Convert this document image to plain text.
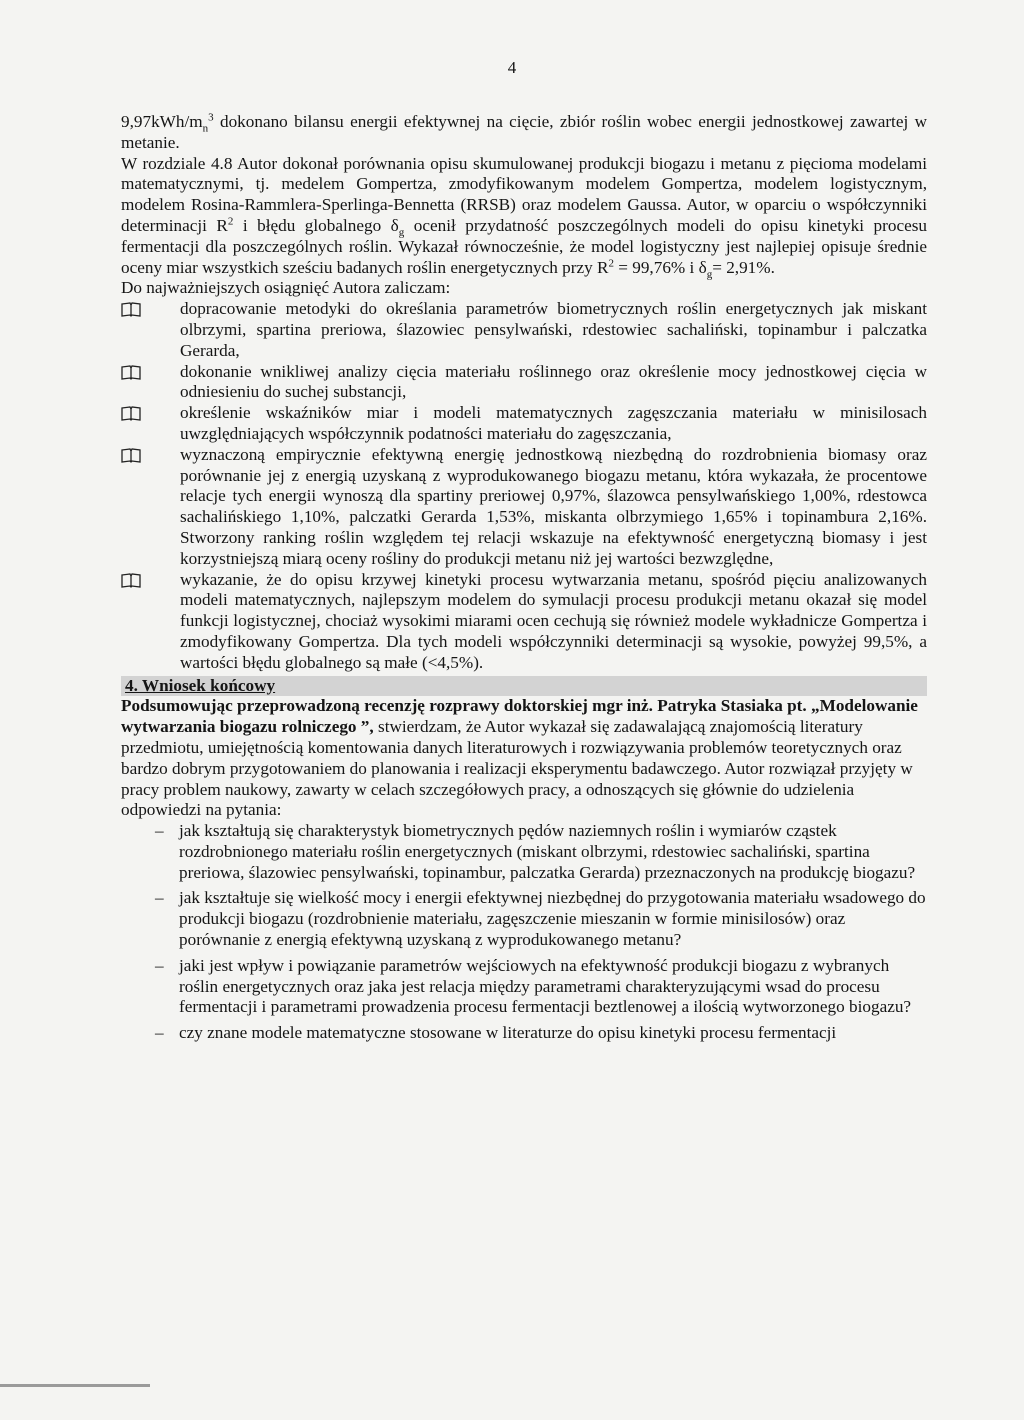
4

$9,97kWh/m_n^3$ dokonano bilansu energii efektywnej na cięcie, zbiór roślin wobec energii jednostkowej zawartej w metanie.

W rozdziale 4.8 Autor dokonał porównania opisu skumulowanej produkcji biogazu i metanu z pięcioma modelami matematycznymi, tj. medelem Gompertza, zmodyfikowanym modelem Gompertza, modelem logistycznym, modelem Rosina-Rammlera-Sperlinga-Bennetta (RRSB) oraz modelem Gaussa. Autor, w oparciu o współczynniki determinacji $R^2$ i błędu globalnego $\delta_g$ ocenił przydatność poszczególnych modeli do opisu kinetyki procesu fermentacji dla poszczególnych roślin. Wykazał równocześnie, że model logistyczny jest najlepiej opisuje średnie oceny miar wszystkich sześciu badanych roślin energetycznych przy $R^2 = 99,76\%$ i $\delta_g= 2,91\%$.

Do najważniejszych osiągnięć Autora zaliczam:

dopracowanie metodyki do określania parametrów biometrycznych roślin energetycznych jak miskant olbrzymi, spartina preriowa, ślazowiec pensylwański, rdestowiec sachaliński, topinambur i palczatka Gerarda,
dokonanie wnikliwej analizy cięcia materiału roślinnego oraz określenie mocy jednostkowej cięcia w odniesieniu do suchej substancji,
określenie wskaźników miar i modeli matematycznych zagęszczania materiału w minisilosach uwzględniających współczynnik podatności materiału do zagęszczania,
wyznaczoną empirycznie efektywną energię jednostkową niezbędną do rozdrobnienia biomasy oraz porównanie jej z energią uzyskaną z wyprodukowanego biogazu metanu, która wykazała, że procentowe relacje tych energii wynoszą dla spartiny preriowej 0,97%, ślazowca pensylwańskiego 1,00%, rdestowca sachalińskiego 1,10%, palczatki Gerarda 1,53%, miskanta olbrzymiego 1,65% i topinambura 2,16%. Stworzony ranking roślin względem tej relacji wskazuje na efektywność energetyczną biomasy i jest korzystniejszą miarą oceny rośliny do produkcji metanu niż jej wartości bezwzględne,
wykazanie, że do opisu krzywej kinetyki procesu wytwarzania metanu, spośród pięciu analizowanych modeli matematycznych, najlepszym modelem do symulacji procesu produkcji metanu okazał się model funkcji logistycznej, chociaż wysokimi miarami ocen cechują się również modele wykładnicze Gompertza i zmodyfikowany Gompertza. Dla tych modeli współczynniki determinacji są wysokie, powyżej 99,5%, a wartości błędu globalnego są małe (<4,5%).
4. Wniosek końcowy

Podsumowując przeprowadzoną recenzję rozprawy doktorskiej mgr inż. Patryka Stasiaka pt. „Modelowanie wytwarzania biogazu rolniczego ”, stwierdzam, że Autor wykazał się zadawalającą znajomością literatury przedmiotu, umiejętnością komentowania danych literaturowych i rozwiązywania problemów teoretycznych oraz bardzo dobrym przygotowaniem do planowania i realizacji eksperymentu badawczego. Autor rozwiązał przyjęty w pracy problem naukowy, zawarty w celach szczegółowych pracy, a odnoszących się głównie do udzielenia odpowiedzi na pytania:

– jak kształtują się charakterystyk biometrycznych pędów naziemnych roślin i wymiarów cząstek rozdrobnionego materiału roślin energetycznych (miskant olbrzymi, rdestowiec sachaliński, spartina preriowa, ślazowiec pensylwański, topinambur, palczatka Gerarda) przeznaczonych na produkcję biogazu?
– jak kształtuje się wielkość mocy i energii efektywnej niezbędnej do przygotowania materiału wsadowego do produkcji biogazu (rozdrobnienie materiału, zagęszczenie mieszanin w formie minisilosów) oraz porównanie z energią efektywną uzyskaną z wyprodukowanego metanu?
– jaki jest wpływ i powiązanie parametrów wejściowych na efektywność produkcji biogazu z wybranych roślin energetycznych oraz jaka jest relacja między parametrami charakteryzującymi wsad do procesu fermentacji i parametrami prowadzenia procesu fermentacji beztlenowej a ilością wytworzonego biogazu?
– czy znane modele matematyczne stosowane w literaturze do opisu kinetyki procesu fermentacji
